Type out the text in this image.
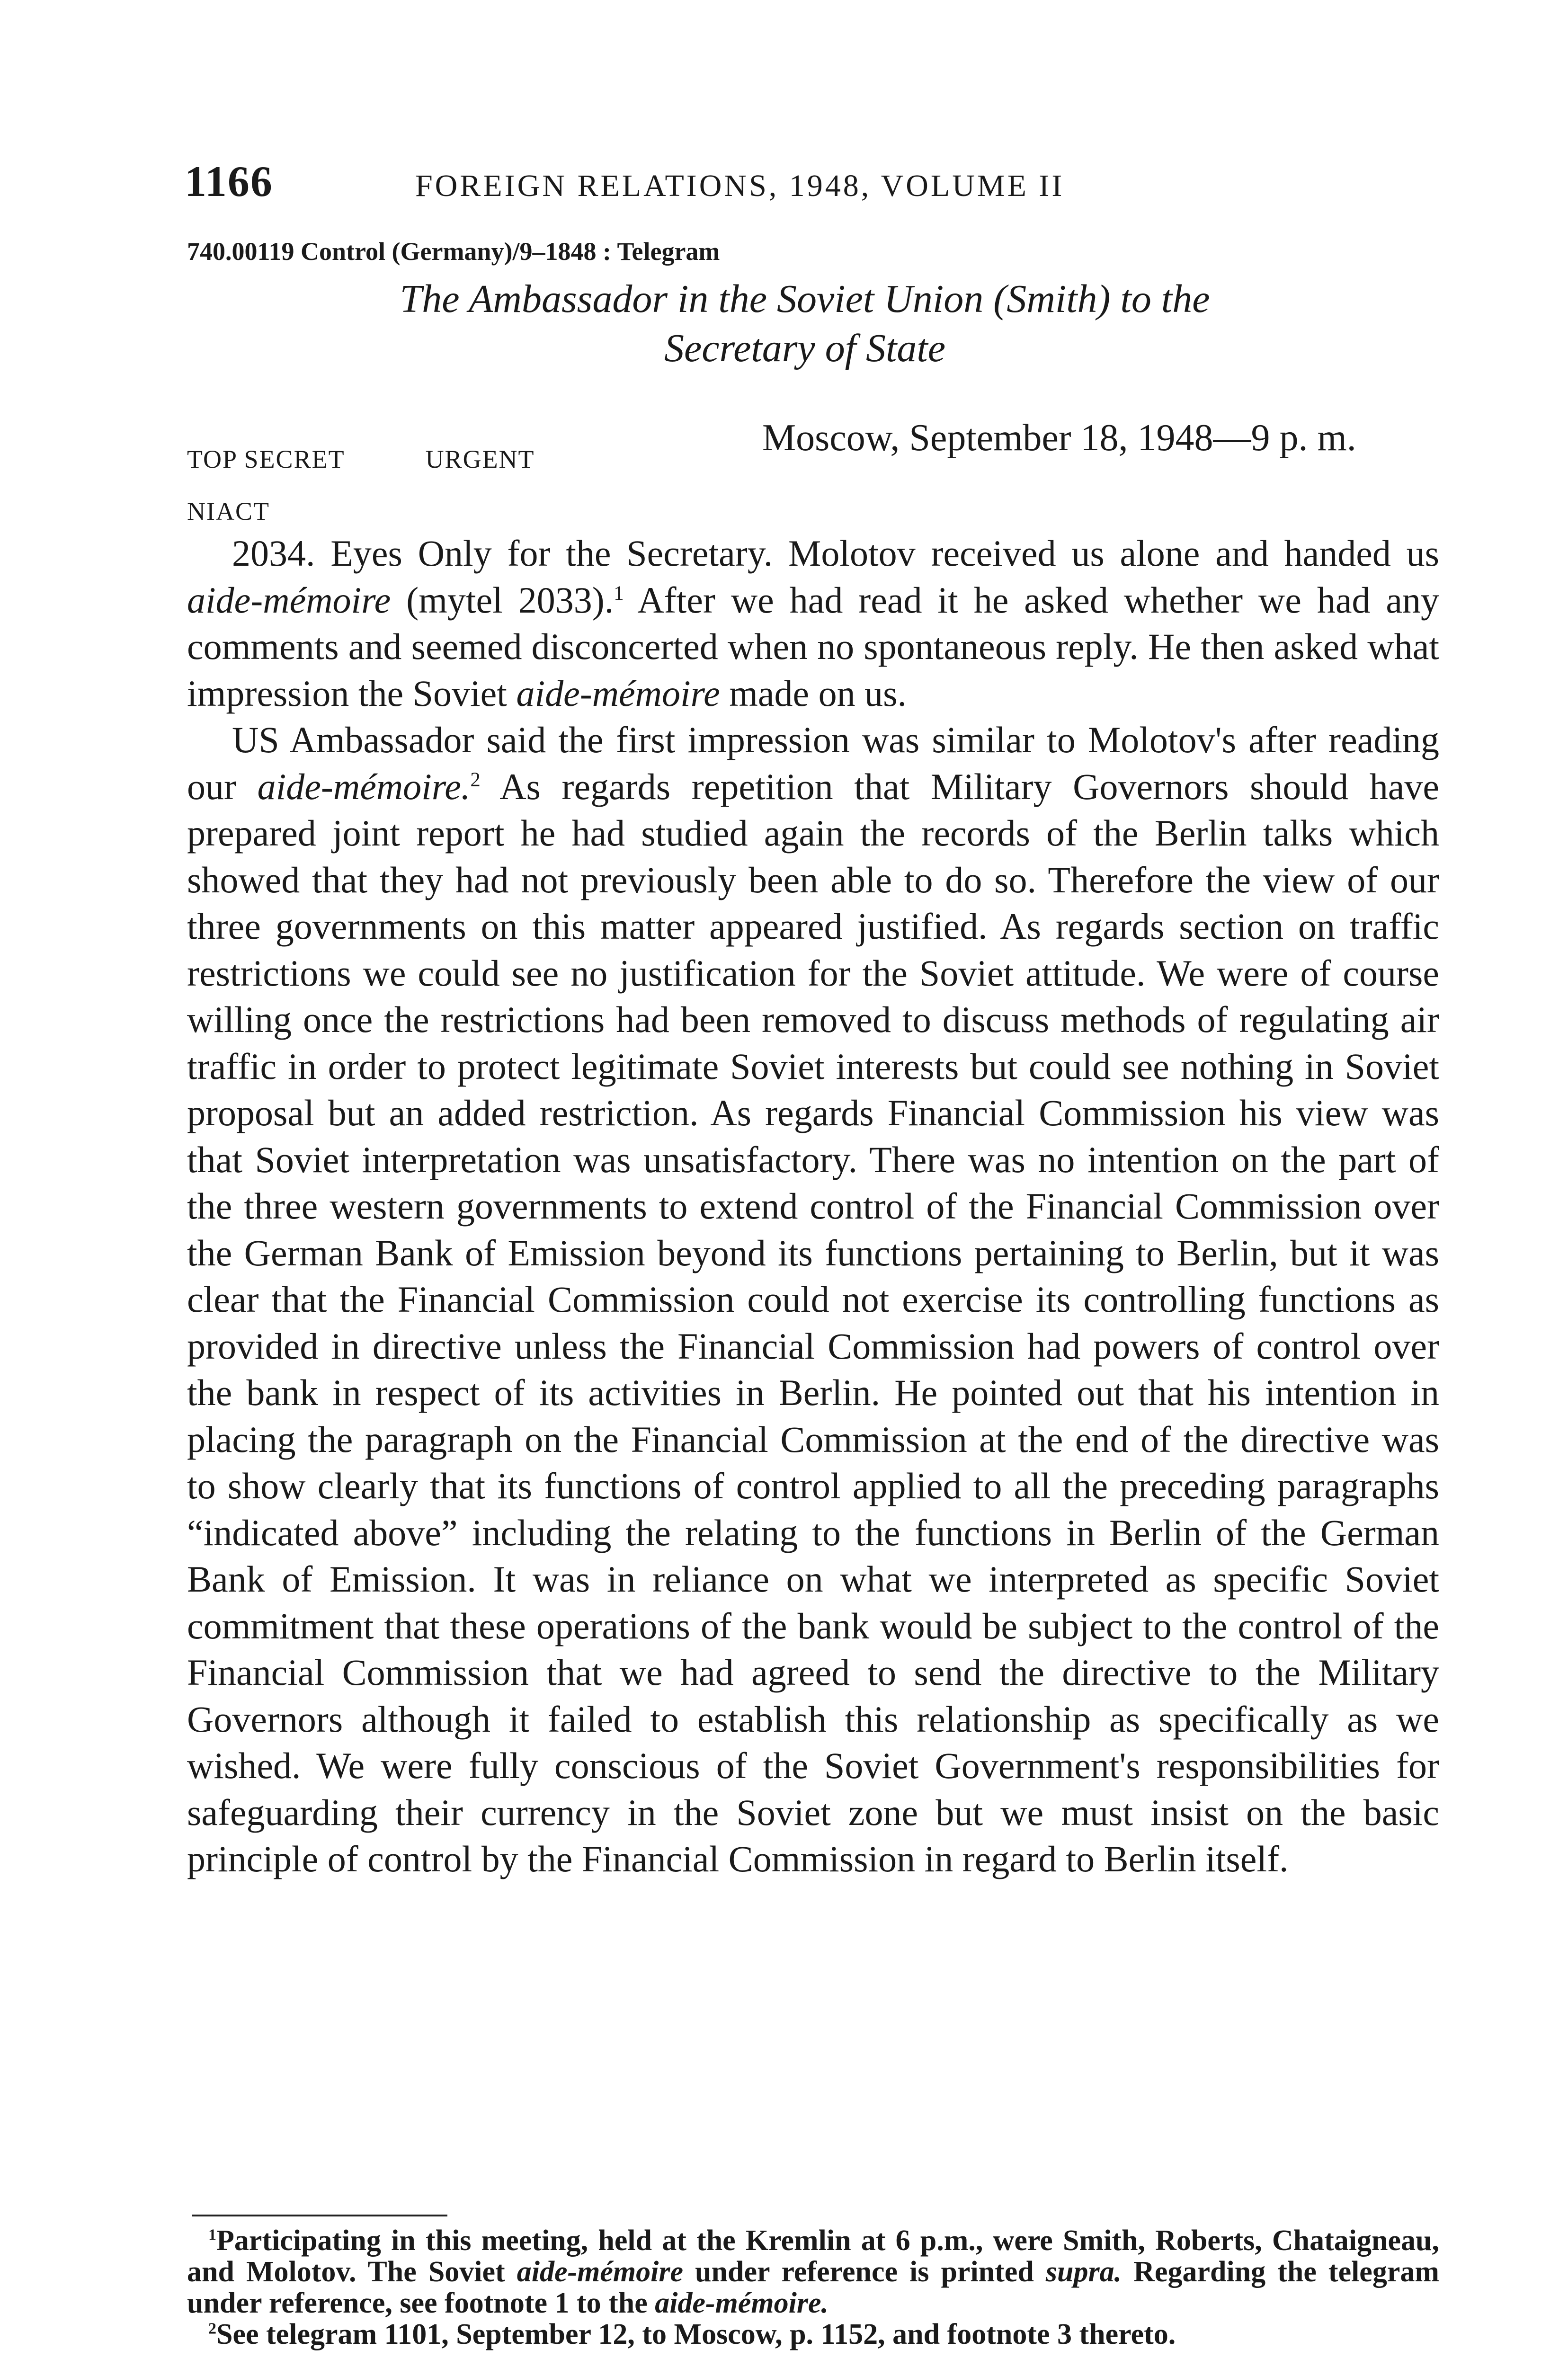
1166	FOREIGN RELATIONS, 1948, VOLUME II
740.00119 Control (Germany)/9–1848 : Telegram
The Ambassador in the Soviet Union (Smith) to the
Secretary of State
TOP SECRET	URGENT
NIACT
Moscow, September 18, 1948—9 p. m.

2034. Eyes Only for the Secretary. Molotov received us alone and handed us aide-mémoire (mytel 2033).$^1$ After we had read it he asked whether we had any comments and seemed disconcerted when no spontaneous reply. He then asked what impression the Soviet aide-mémoire made on us.

US Ambassador said the first impression was similar to Molotov's after reading our aide-mémoire.$^2$ As regards repetition that Military Governors should have prepared joint report he had studied again the records of the Berlin talks which showed that they had not previously been able to do so. Therefore the view of our three governments on this matter appeared justified. As regards section on traffic restrictions we could see no justification for the Soviet attitude. We were of course willing once the restrictions had been removed to discuss methods of regulating air traffic in order to protect legitimate Soviet interests but could see nothing in Soviet proposal but an added restriction. As regards Financial Commission his view was that Soviet interpretation was unsatisfactory. There was no intention on the part of the three western governments to extend control of the Financial Commission over the German Bank of Emission beyond its functions pertaining to Berlin, but it was clear that the Financial Commission could not exercise its controlling functions as provided in directive unless the Financial Commission had powers of control over the bank in respect of its activities in Berlin. He pointed out that his intention in placing the paragraph on the Financial Commission at the end of the directive was to show clearly that its functions of control applied to all the preceding paragraphs “indicated above” including the relating to the functions in Berlin of the German Bank of Emission. It was in reliance on what we interpreted as specific Soviet commitment that these operations of the bank would be subject to the control of the Financial Commission that we had agreed to send the directive to the Military Governors although it failed to establish this relationship as specifically as we wished. We were fully conscious of the Soviet Government's responsibilities for safeguarding their currency in the Soviet zone but we must insist on the basic principle of control by the Financial Commission in regard to Berlin itself.

$^1$Participating in this meeting, held at the Kremlin at 6 p.m., were Smith, Roberts, Chataigneau, and Molotov. The Soviet aide-mémoire under reference is printed supra. Regarding the telegram under reference, see footnote 1 to the aide-mémoire.

$^2$See telegram 1101, September 12, to Moscow, p. 1152, and footnote 3 thereto.
